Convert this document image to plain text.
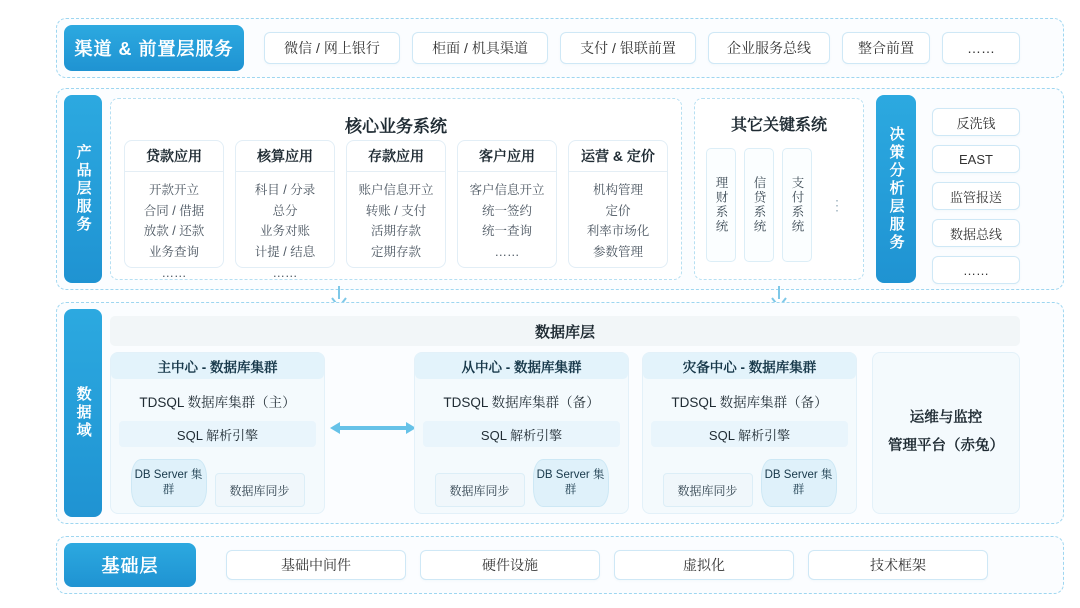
渠道 & 前置层服务	微信 / 网上银行	柜面 / 机具渠道	支付 / 银联前置	企业服务总线	整合前置	……
产品层服务
核心业务系统
贷款应用
开款开立
合同 / 借据
放款 / 还款
业务查询
……
核算应用
科目 / 分录
总分
业务对账
计提 / 结息
……
存款应用
账户信息开立
转账 / 支付
活期存款
定期存款
客户应用
客户信息开立
统一签约
统一查询
……
运营 & 定价
机构管理
定价
利率市场化
参数管理
其它关键系统
理财系统	信贷系统	支付系统	⋮	决策分析层服务
反洗钱
EAST
监管报送
数据总线
……
数据域
数据库层
主中心 - 数据库集群
TDSQL 数据库集群（主）
SQL 解析引擎
DB Server 集群	数据库同步
从中心 - 数据库集群
TDSQL 数据库集群（备）
SQL 解析引擎
数据库同步
DB Server 集群
灾备中心 - 数据库集群
TDSQL 数据库集群（备）
SQL 解析引擎
数据库同步
DB Server 集群
运维与监控
管理平台（赤兔）
基础层	基础中间件	硬件设施	虚拟化	技术框架
